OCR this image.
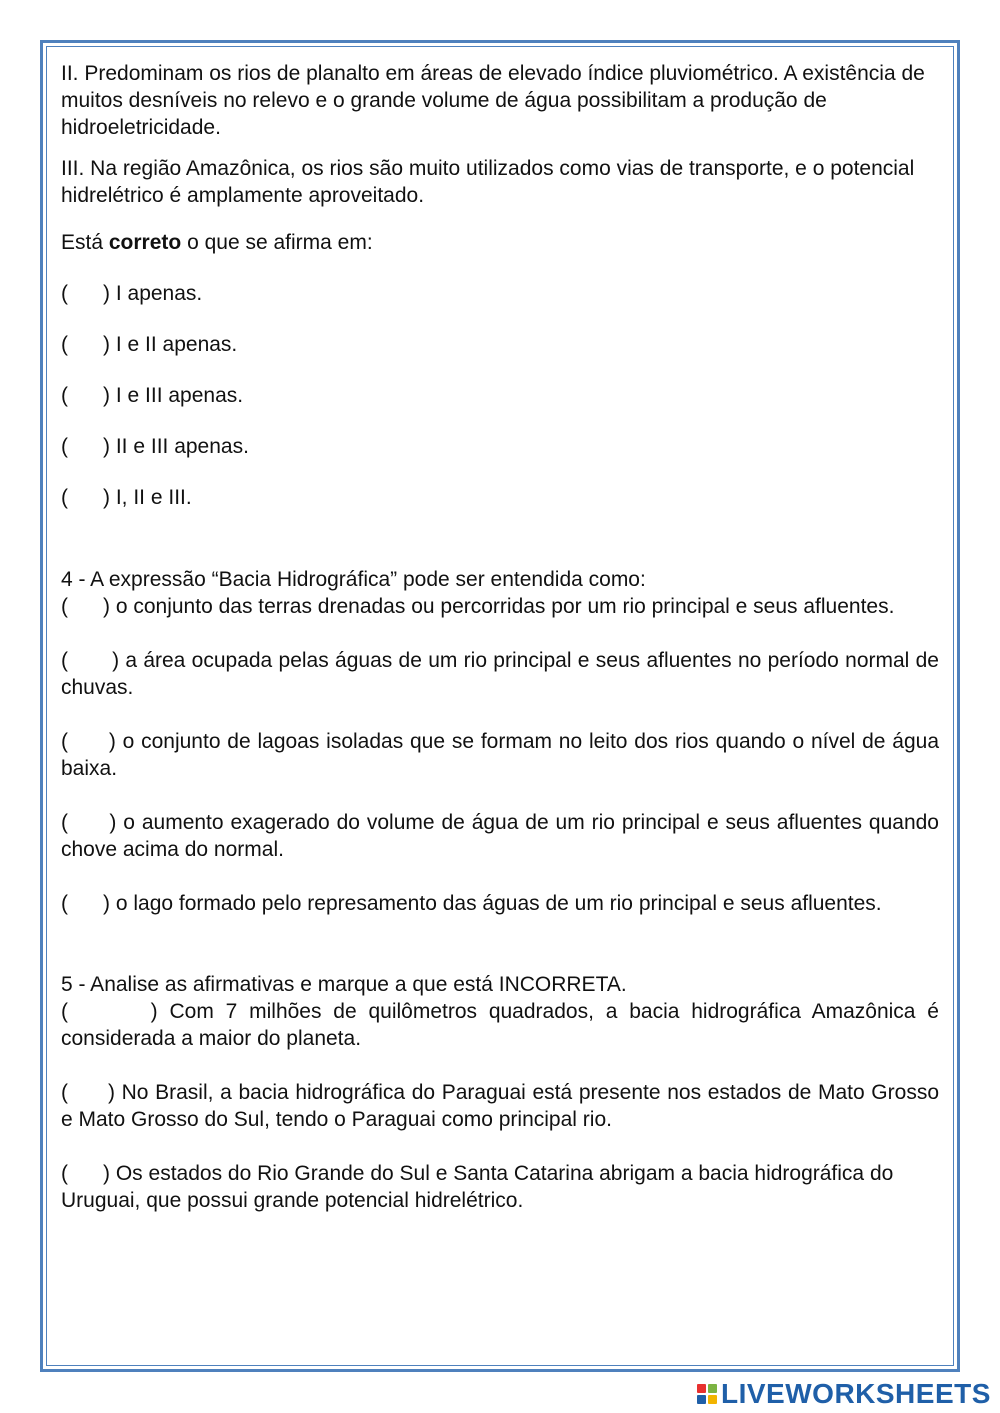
II. Predominam os rios de planalto em áreas de elevado índice pluviométrico. A existência de muitos desníveis no relevo e o grande volume de água possibilitam a produção de hidroeletricidade.

III. Na região Amazônica, os rios são muito utilizados como vias de transporte, e o potencial hidrelétrico é amplamente aproveitado.

Está correto o que se afirma em:

(      ) I apenas.

(      ) I e II apenas.

(      ) I e III apenas.

(      ) II e III apenas.

(      ) I, II e III.

4 - A expressão “Bacia Hidrográfica” pode ser entendida como:

(      ) o conjunto das terras drenadas ou percorridas por um rio principal e seus afluentes.

(       ) a área ocupada pelas águas de um rio principal e seus afluentes no período normal de chuvas.

(      ) o conjunto de lagoas isoladas que se formam no leito dos rios quando o nível de água baixa.

(      ) o aumento exagerado do volume de água de um rio principal e seus afluentes quando chove acima do normal.

(      ) o lago formado pelo represamento das águas de um rio principal e seus afluentes.

5 - Analise as afirmativas e marque a que está INCORRETA.

(       ) Com 7 milhões de quilômetros quadrados, a bacia hidrográfica Amazônica é considerada a maior do planeta.

(      ) No Brasil, a bacia hidrográfica do Paraguai está presente nos estados de Mato Grosso e Mato Grosso do Sul, tendo o Paraguai como principal rio.

(      ) Os estados do Rio Grande do Sul e Santa Catarina abrigam a bacia hidrográfica do Uruguai, que possui grande potencial hidrelétrico.

LIVEWORKSHEETS
